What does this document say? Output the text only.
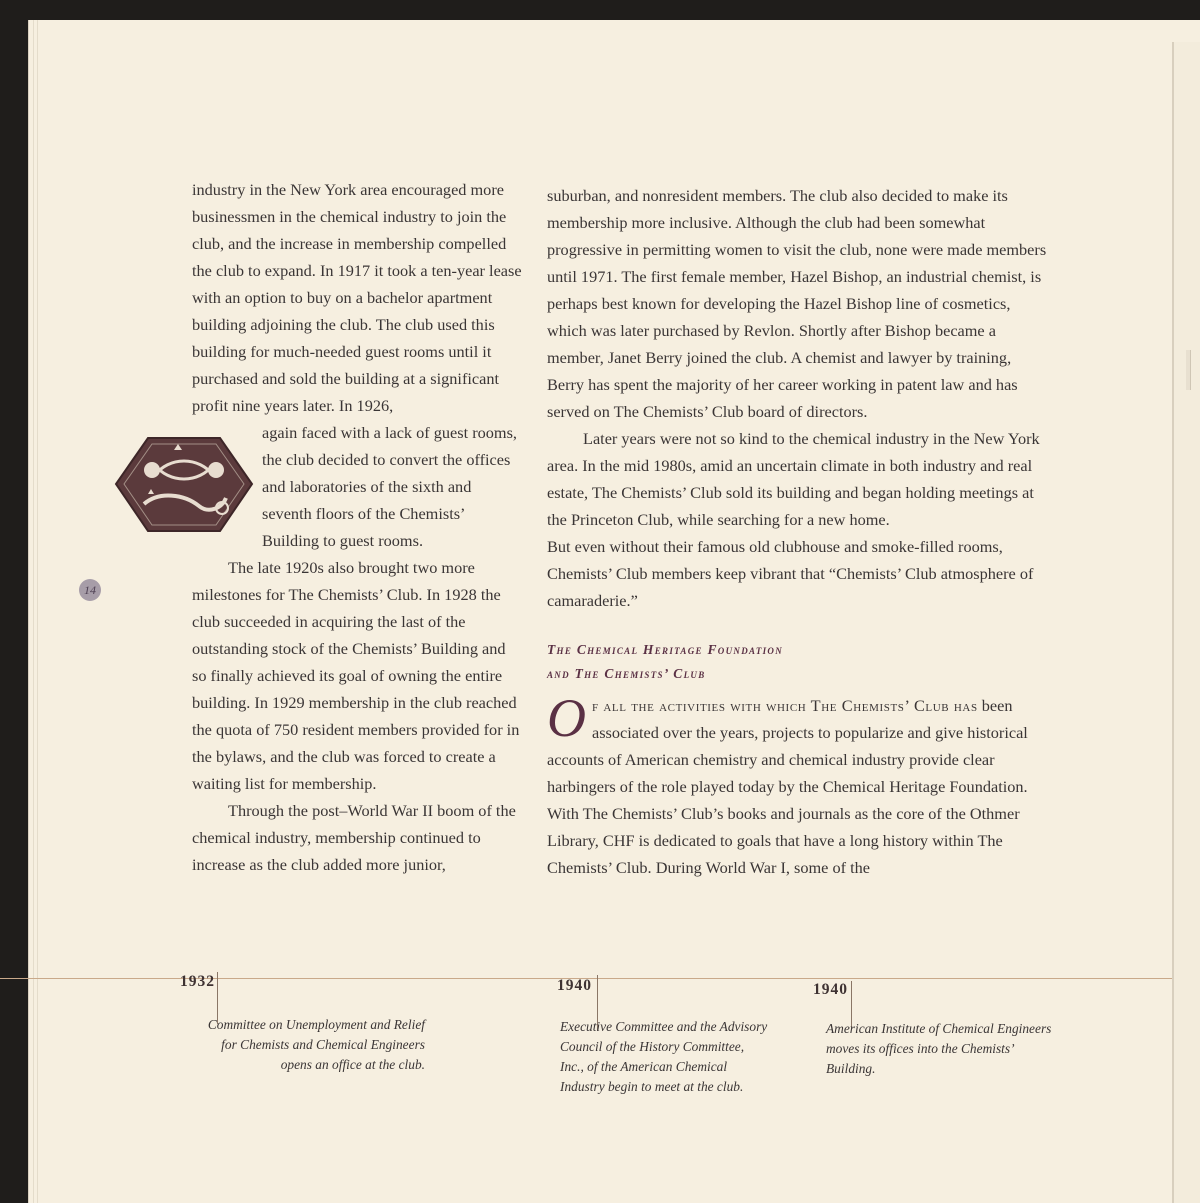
industry in the New York area encouraged more businessmen in the chemical industry to join the club, and the increase in membership compelled the club to expand. In 1917 it took a ten-year lease with an option to buy on a bachelor apartment building adjoining the club. The club used this building for much-needed guest rooms until it purchased and sold the building at a significant profit nine years later. In 1926,

again faced with a lack of guest rooms, the club decided to convert the offices and laboratories of the sixth and seventh floors of the Chemists’ Building to guest rooms.

The late 1920s also brought two more milestones for The Chemists’ Club. In 1928 the club succeeded in acquiring the last of the outstanding stock of the Chemists’ Building and so finally achieved its goal of owning the entire building. In 1929 membership in the club reached the quota of 750 resident members provided for in the bylaws, and the club was forced to create a waiting list for membership.

Through the post–World War II boom of the chemical industry, membership continued to increase as the club added more junior,

14

suburban, and nonresident members. The club also decided to make its membership more inclusive. Although the club had been somewhat progressive in permitting women to visit the club, none were made members until 1971. The first female member, Hazel Bishop, an industrial chemist, is perhaps best known for developing the Hazel Bishop line of cosmetics, which was later purchased by Revlon. Shortly after Bishop became a member, Janet Berry joined the club. A chemist and lawyer by training, Berry has spent the majority of her career working in patent law and has served on The Chemists’ Club board of directors.

Later years were not so kind to the chemical industry in the New York area. In the mid 1980s, amid an uncertain climate in both industry and real estate, The Chemists’ Club sold its building and began holding meetings at the Princeton Club, while searching for a new home.

But even without their famous old clubhouse and smoke-filled rooms, Chemists’ Club members keep vibrant that “Chemists’ Club atmosphere of camaraderie.”

The Chemical Heritage Foundation
and The Chemists’ Club

Of all the activities with which The Chemists’ Club has been associated over the years, projects to popularize and give historical accounts of American chemistry and chemical industry provide clear harbingers of the role played today by the Chemical Heritage Foundation. With The Chemists’ Club’s books and journals as the core of the Othmer Library, CHF is dedicated to goals that have a long history within The Chemists’ Club. During World War I, some of the

1932
Committee on Unemployment and Relief for Chemists and Chemical Engineers opens an office at the club.
1940
Executive Committee and the Advisory Council of the History Committee, Inc., of the American Chemical Industry begin to meet at the club.
1940
American Institute of Chemical Engineers moves its offices into the Chemists’ Building.
